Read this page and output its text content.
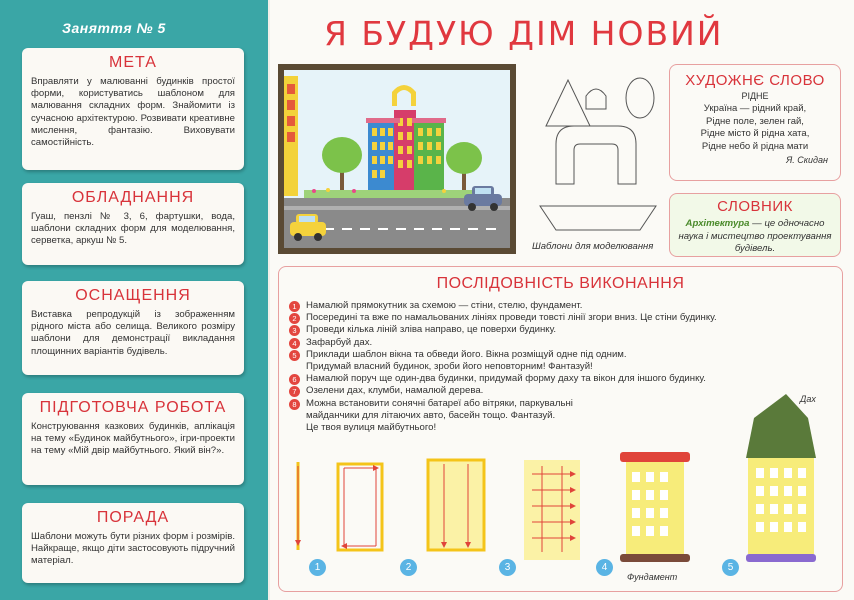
Заняття № 5
МЕТА

Вправляти у малюванні будинків простої форми, користуватись шаблоном для малювання складних форм. Знайомити із сучасною архітектурою. Розвивати креативне мислення, фантазію. Виховувати самостійність.

ОБЛАДНАННЯ

Гуаш, пензлі № 3, 6, фартушки, вода, шаблони складних форм для моделювання, серветка, аркуш № 5.

ОСНАЩЕННЯ

Виставка репродукцій із зображенням рідного міста або селища. Великого розміру шаблони для демонстрації викладання площинних варіантів будівель.

ПІДГОТОВЧА РОБОТА

Конструювання казкових будинків, аплікація на тему «Будинок майбутнього», ігри-проекти на тему «Мій двір майбутнього. Який він?».

ПОРАДА

Шаблони можуть бути різних форм і розмірів. Найкраще, якщо діти застосовують підручний матеріал.

Я БУДУЮ ДІМ НОВИЙ
Шаблони для моделювання
ХУДОЖНЄ СЛОВО
РІДНЕ
Україна — рідний край,
Рідне поле, зелен гай,
Рідне місто й рідна хата,
Рідне небо й рідна мати
Я. Скидан
СЛОВНИК

Архітектура — це одночасно наука і мистецтво проектування будівель.

ПОСЛІДОВНІСТЬ ВИКОНАННЯ
1 Намалюй прямокутник за схемою — стіни, стелю, фундамент.
2 Посередині та вже по намальованих лініях проведи товсті лінії згори вниз. Це стіни будинку.
3 Проведи кілька ліній зліва направо, це поверхи будинку.
4 Зафарбуй дах.
5 Приклади шаблон вікна та обведи його. Вікна розміщуй одне під одним.
Придумай власний будинок, зроби його неповторним! Фантазуй!
6 Намалюй поруч ще один-два будинки, придумай форму даху та вікон для іншого будинку.
7 Озелени дах, клумби, намалюй дерева.
8 Можна встановити сонячні батареї або вітряки, паркувальні
майданчики для літаючих авто, басейн тощо. Фантазуй.
Це твоя вулиця майбутнього!
Дах
Фундамент
1	2	3	4	5
